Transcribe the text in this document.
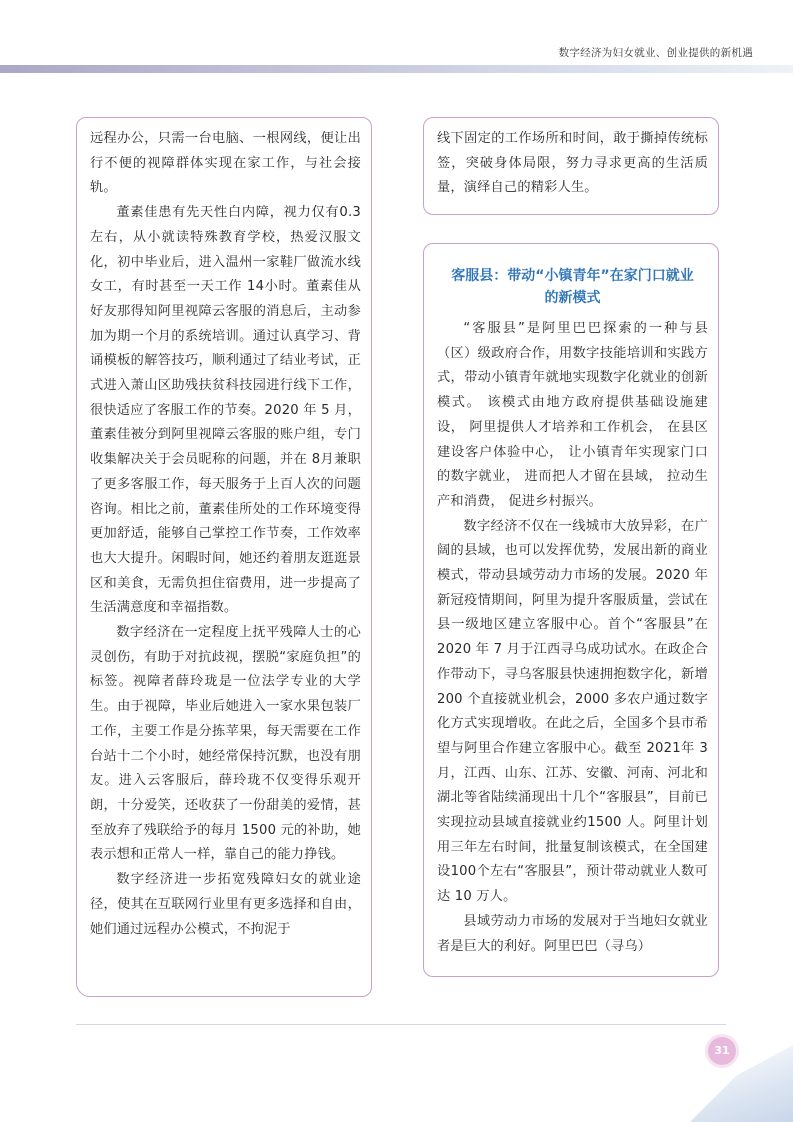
数字经济为妇女就业、创业提供的新机遇

远程办公，只需一台电脑、一根网线，便让出行不便的视障群体实现在家工作，与社会接轨。

董素佳患有先天性白内障，视力仅有0.3 左右，从小就读特殊教育学校，热爱汉服文化，初中毕业后，进入温州一家鞋厂做流水线女工，有时甚至一天工作 14小时。董素佳从好友那得知阿里视障云客服的消息后，主动参加为期一个月的系统培训。通过认真学习、背诵模板的解答技巧，顺利通过了结业考试，正式进入萧山区助残扶贫科技园进行线下工作，很快适应了客服工作的节奏。2020 年 5 月，董素佳被分到阿里视障云客服的账户组，专门收集解决关于会员昵称的问题，并在 8月兼职了更多客服工作，每天服务于上百人次的问题咨询。相比之前，董素佳所处的工作环境变得更加舒适，能够自己掌控工作节奏，工作效率也大大提升。闲暇时间，她还约着朋友逛逛景区和美食，无需负担住宿费用，进一步提高了生活满意度和幸福指数。

数字经济在一定程度上抚平残障人士的心灵创伤，有助于对抗歧视，摆脱“家庭负担”的标签。视障者薛玲珑是一位法学专业的大学生。由于视障，毕业后她进入一家水果包装厂工作，主要工作是分拣苹果，每天需要在工作台站十二个小时，她经常保持沉默，也没有朋友。进入云客服后，薛玲珑不仅变得乐观开朗，十分爱笑，还收获了一份甜美的爱情，甚至放弃了残联给予的每月 1500 元的补助，她表示想和正常人一样，靠自己的能力挣钱。

数字经济进一步拓宽残障妇女的就业途径，使其在互联网行业里有更多选择和自由，她们通过远程办公模式，不拘泥于

线下固定的工作场所和时间，敢于撕掉传统标签，突破身体局限，努力寻求更高的生活质量，演绎自己的精彩人生。

客服县：带动“小镇青年”在家门口就业
的新模式

“客服县”是阿里巴巴探索的一种与县（区）级政府合作，用数字技能培训和实践方式，带动小镇青年就地实现数字化就业的创新模式。 该模式由地方政府提供基础设施建设， 阿里提供人才培养和工作机会， 在县区建设客户体验中心， 让小镇青年实现家门口的数字就业， 进而把人才留在县域， 拉动生产和消费， 促进乡村振兴。

数字经济不仅在一线城市大放异彩，在广阔的县域，也可以发挥优势，发展出新的商业模式，带动县域劳动力市场的发展。2020 年新冠疫情期间，阿里为提升客服质量，尝试在县一级地区建立客服中心。首个“客服县”在 2020 年 7 月于江西寻乌成功试水。在政企合作带动下，寻乌客服县快速拥抱数字化，新增 200 个直接就业机会，2000 多农户通过数字化方式实现增收。在此之后，全国多个县市希望与阿里合作建立客服中心。截至 2021年 3 月，江西、山东、江苏、安徽、河南、河北和湖北等省陆续涌现出十几个“客服县”，目前已实现拉动县域直接就业约1500 人。阿里计划用三年左右时间，批量复制该模式，在全国建设100个左右“客服县”，预计带动就业人数可达 10 万人。

县域劳动力市场的发展对于当地妇女就业者是巨大的利好。阿里巴巴（寻乌）

31
